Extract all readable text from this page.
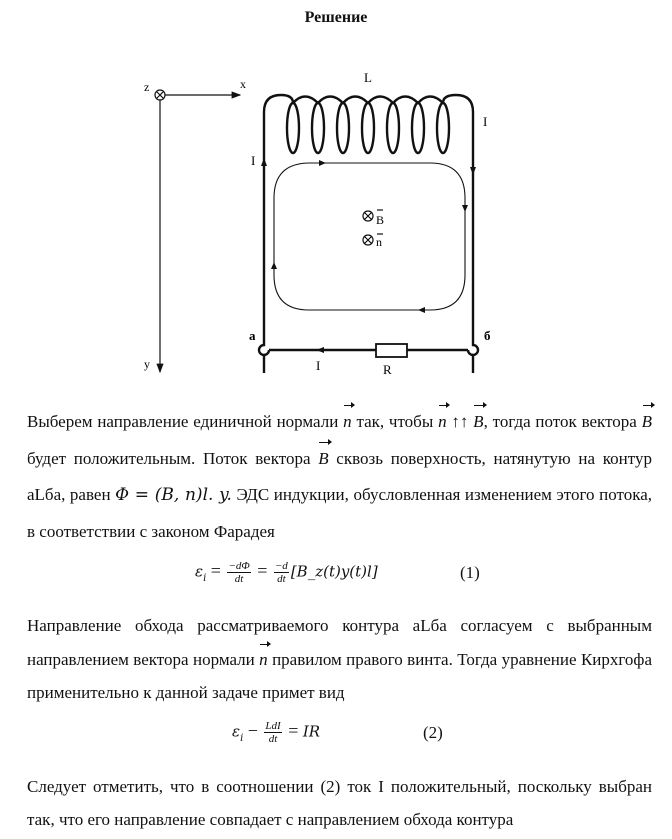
Решение
z	x
y
B
n
L
I
I
I	R
а	б
Выберем направление единичной нормали n так, чтобы n ↑↑ B, тогда поток вектора B будет положительным. Поток вектора B сквозь поверхность, натянутую на контур aLба, равен Φ = (B, n)l. y. ЭДС индукции, обусловленная изменением этого потока, в соответствии с законом Фарадея
$\varepsilon_i = \frac{-d\Phi}{dt} = \frac{-d}{dt}$ [B_z(t)y(t)l]	(1)
Направление обхода рассматриваемого контура aLба согласуем с выбранным направлением вектора нормали n правилом правого винта. Тогда уравнение Кирхгофа применительно к данной задаче примет вид
$\varepsilon_i - \frac{\text{LdI}}{dt}$ = IR	(2)
Следует отметить, что в соотношении (2) ток I положительный, поскольку выбран так, что его направление совпадает с направлением обхода контура
